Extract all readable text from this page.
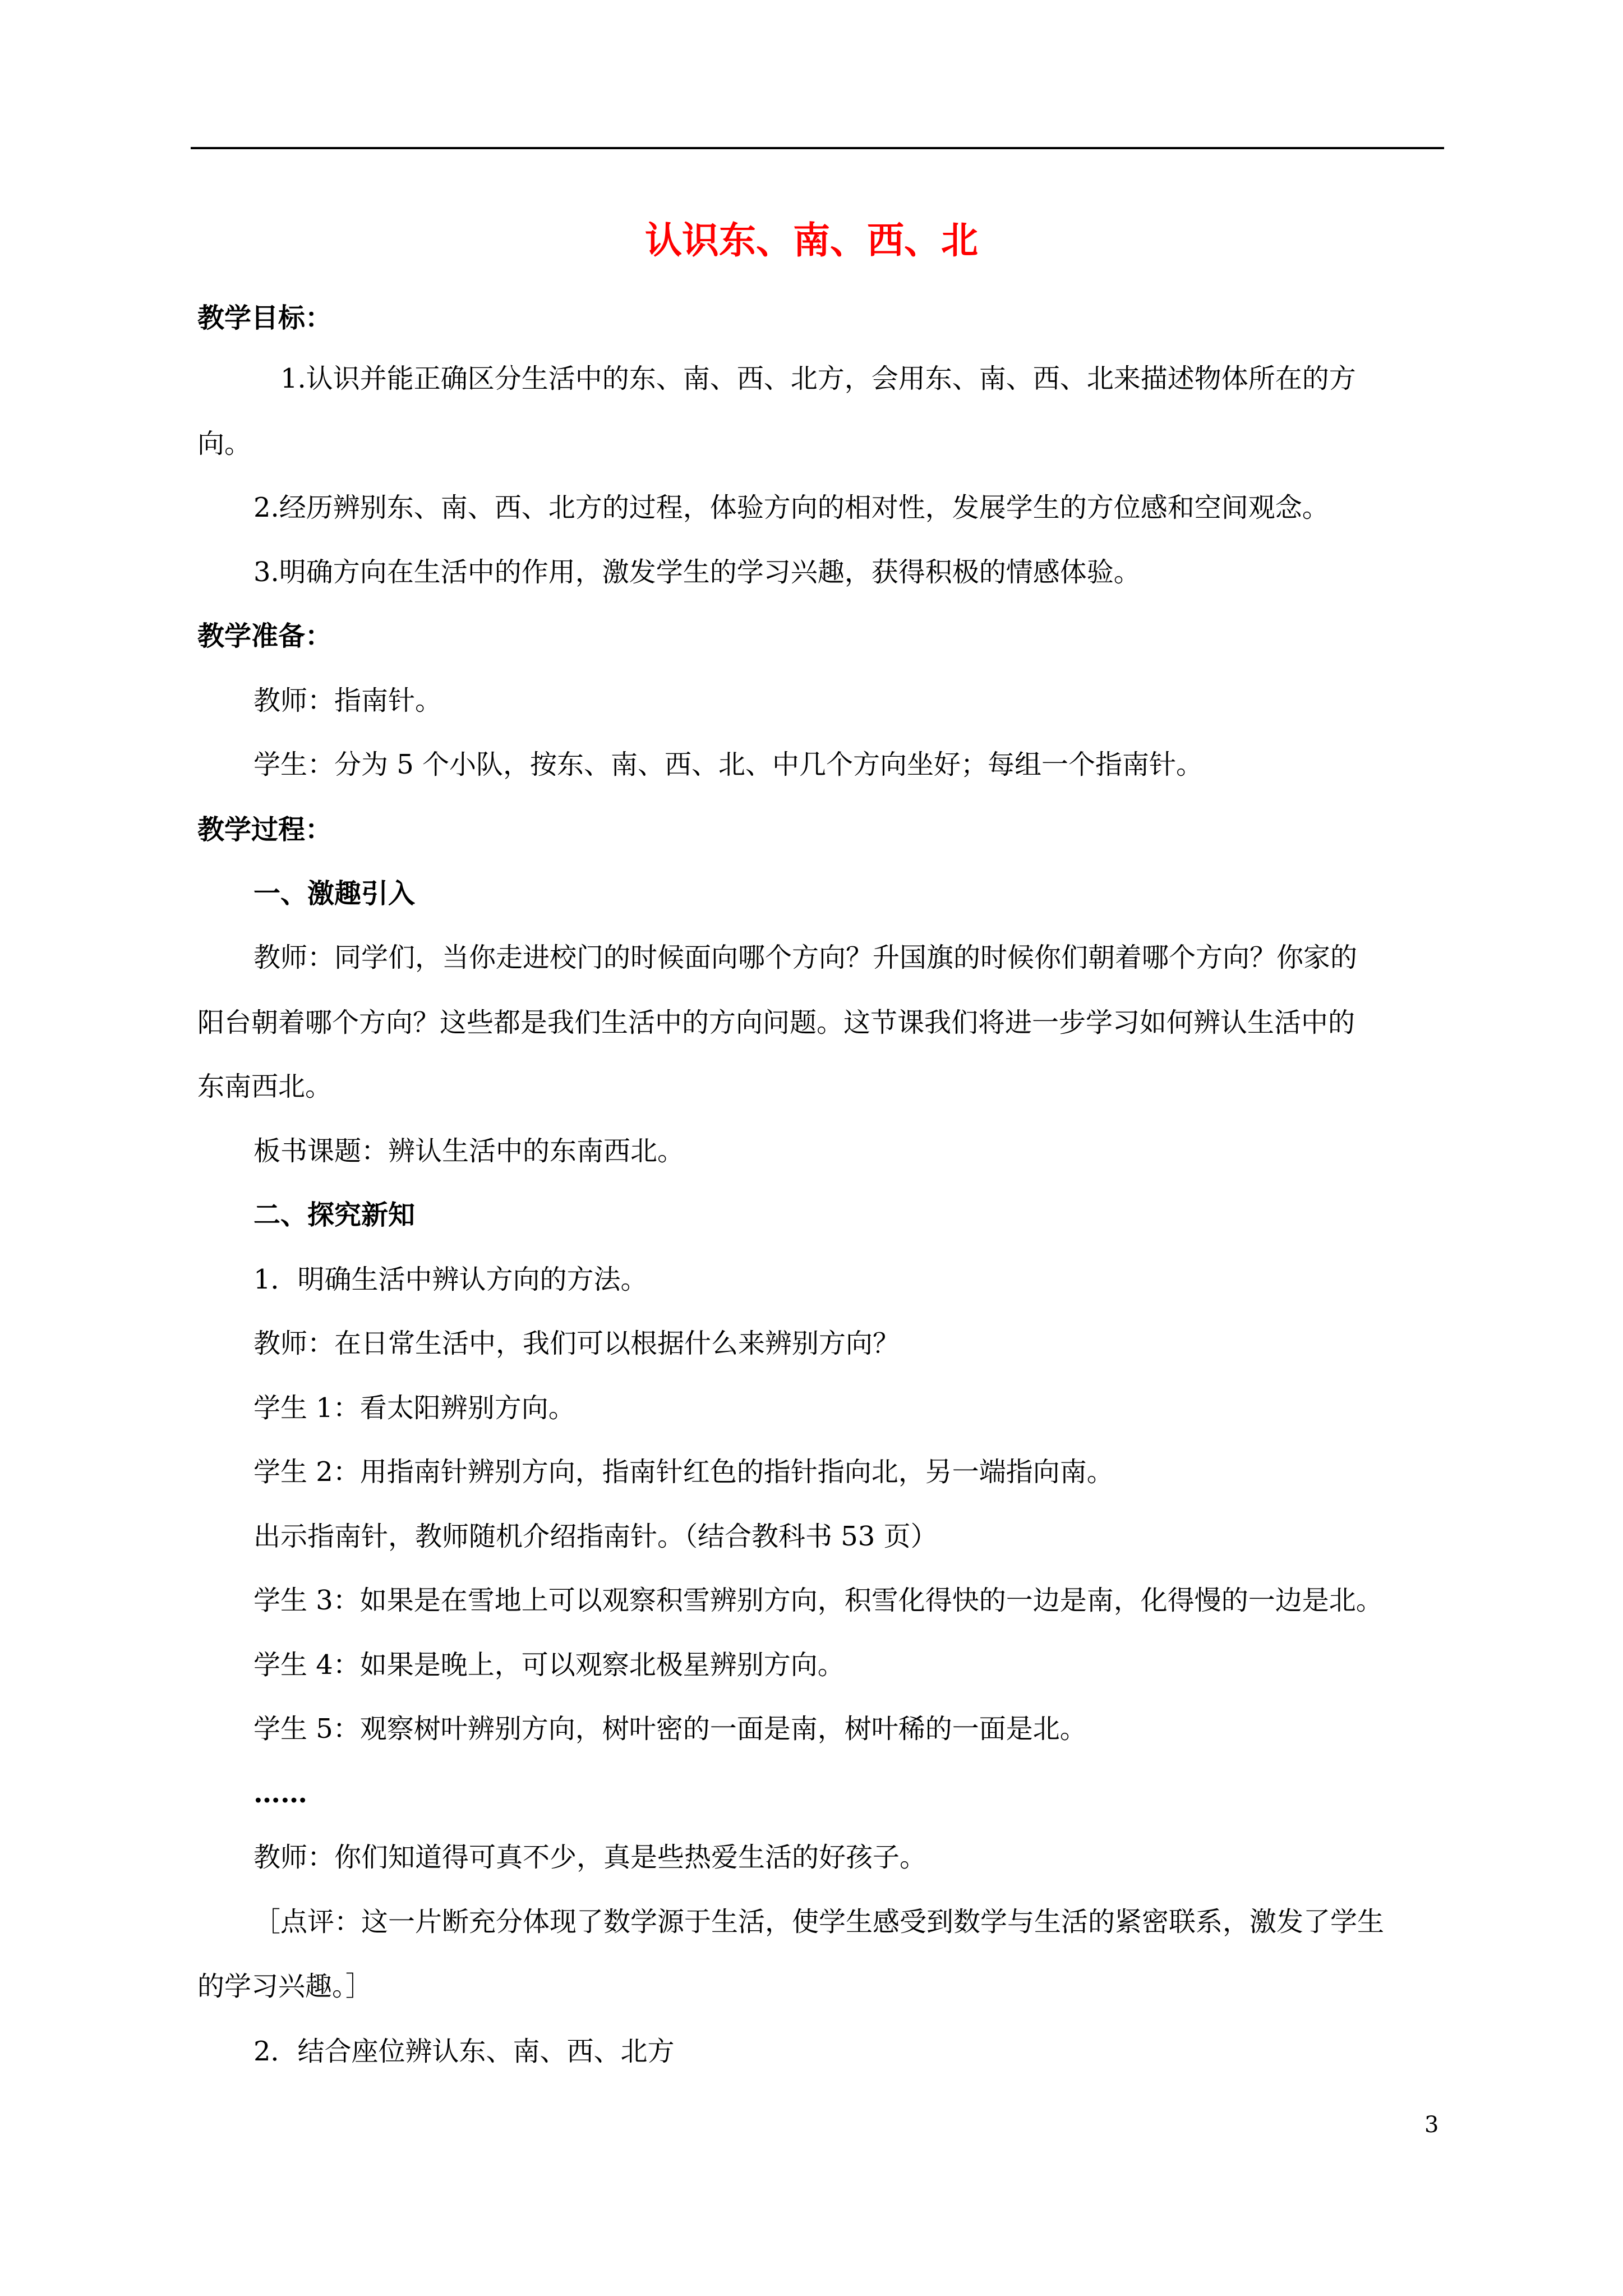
认识东、南、西、北
教学目标：
1.认识并能正确区分生活中的东、南、西、北方，会用东、南、西、北来描述物体所在的方
向。
2.经历辨别东、南、西、北方的过程，体验方向的相对性，发展学生的方位感和空间观念。
3.明确方向在生活中的作用，激发学生的学习兴趣，获得积极的情感体验。
教学准备：
教师：指南针。
学生：分为 5 个小队，按东、南、西、北、中几个方向坐好；每组一个指南针。
教学过程：
一、激趣引入
教师：同学们，当你走进校门的时候面向哪个方向？升国旗的时候你们朝着哪个方向？你家的
阳台朝着哪个方向？这些都是我们生活中的方向问题。这节课我们将进一步学习如何辨认生活中的
东南西北。
板书课题：辨认生活中的东南西北。
二、探究新知
1．明确生活中辨认方向的方法。
教师：在日常生活中，我们可以根据什么来辨别方向？
学生 1：看太阳辨别方向。
学生 2：用指南针辨别方向，指南针红色的指针指向北，另一端指向南。
出示指南针，教师随机介绍指南针。（结合教科书 53 页）
学生 3：如果是在雪地上可以观察积雪辨别方向，积雪化得快的一边是南，化得慢的一边是北。
学生 4：如果是晚上，可以观察北极星辨别方向。
学生 5：观察树叶辨别方向，树叶密的一面是南，树叶稀的一面是北。
……
教师：你们知道得可真不少，真是些热爱生活的好孩子。
［点评：这一片断充分体现了数学源于生活，使学生感受到数学与生活的紧密联系，激发了学生
的学习兴趣。］
2．结合座位辨认东、南、西、北方
3
